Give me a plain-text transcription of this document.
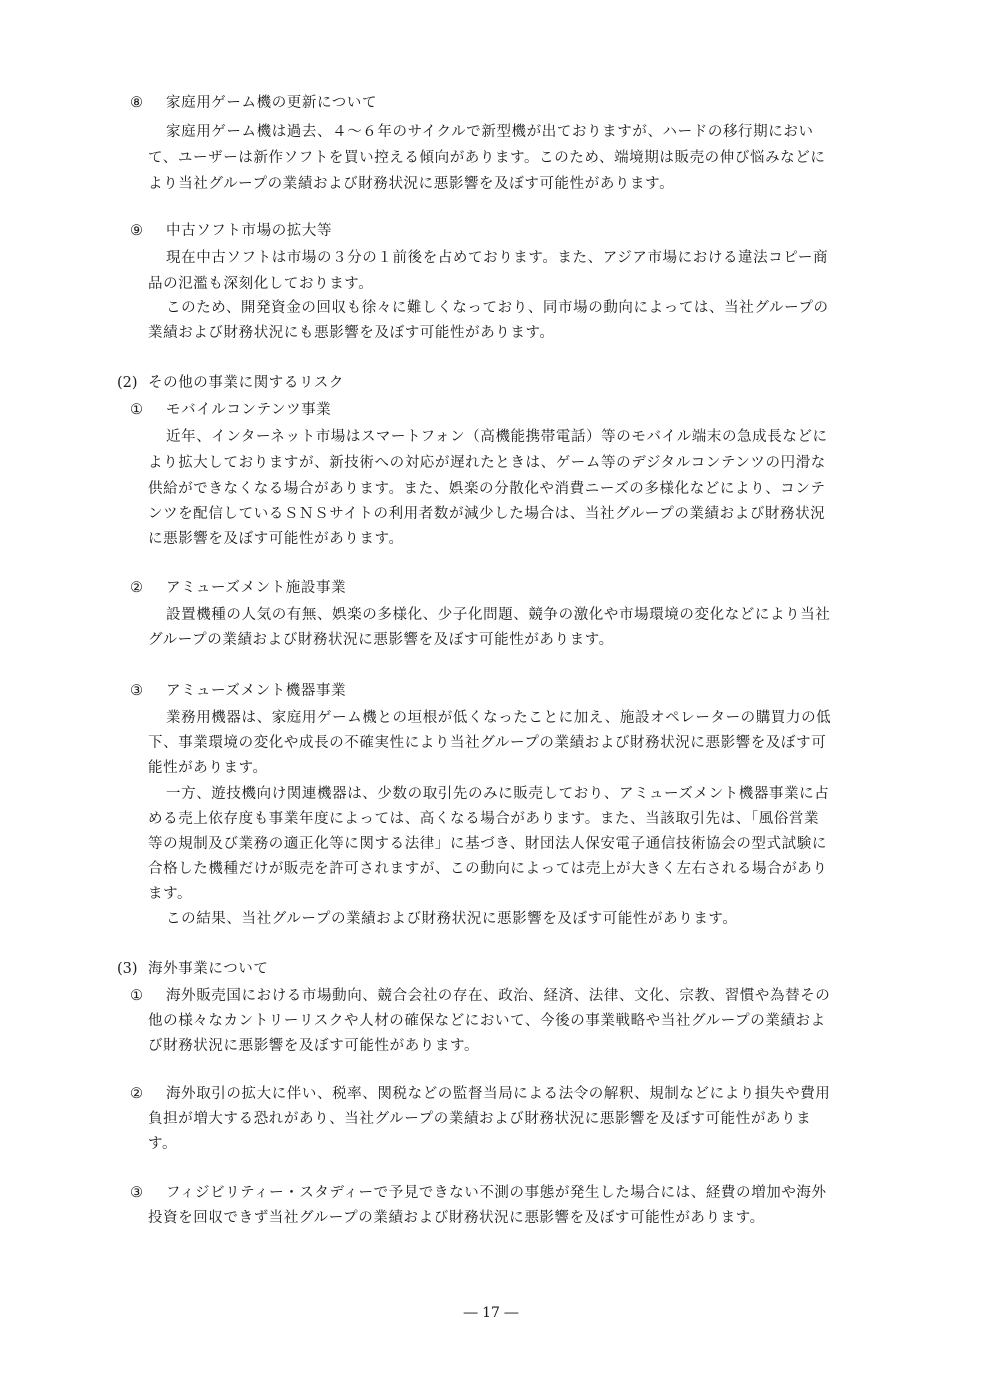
⑧ 家庭用ゲーム機の更新について
家庭用ゲーム機は過去、４～６年のサイクルで新型機が出ておりますが、ハードの移行期におい
て、ユーザーは新作ソフトを買い控える傾向があります。このため、端境期は販売の伸び悩みなどに
より当社グループの業績および財務状況に悪影響を及ぼす可能性があります。
⑨ 中古ソフト市場の拡大等
現在中古ソフトは市場の３分の１前後を占めております。また、アジア市場における違法コピー商
品の氾濫も深刻化しております。
このため、開発資金の回収も徐々に難しくなっており、同市場の動向によっては、当社グループの
業績および財務状況にも悪影響を及ぼす可能性があります。
(2) その他の事業に関するリスク
① モバイルコンテンツ事業
近年、インターネット市場はスマートフォン（高機能携帯電話）等のモバイル端末の急成長などに
より拡大しておりますが、新技術への対応が遅れたときは、ゲーム等のデジタルコンテンツの円滑な
供給ができなくなる場合があります。また、娯楽の分散化や消費ニーズの多様化などにより、コンテ
ンツを配信しているＳＮＳサイトの利用者数が減少した場合は、当社グループの業績および財務状況
に悪影響を及ぼす可能性があります。
② アミューズメント施設事業
設置機種の人気の有無、娯楽の多様化、少子化問題、競争の激化や市場環境の変化などにより当社
グループの業績および財務状況に悪影響を及ぼす可能性があります。
③ アミューズメント機器事業
業務用機器は、家庭用ゲーム機との垣根が低くなったことに加え、施設オペレーターの購買力の低
下、事業環境の変化や成長の不確実性により当社グループの業績および財務状況に悪影響を及ぼす可
能性があります。
一方、遊技機向け関連機器は、少数の取引先のみに販売しており、アミューズメント機器事業に占
める売上依存度も事業年度によっては、高くなる場合があります。また、当該取引先は、「風俗営業
等の規制及び業務の適正化等に関する法律」に基づき、財団法人保安電子通信技術協会の型式試験に
合格した機種だけが販売を許可されますが、この動向によっては売上が大きく左右される場合があり
ます。
この結果、当社グループの業績および財務状況に悪影響を及ぼす可能性があります。
(3) 海外事業について
① 海外販売国における市場動向、競合会社の存在、政治、経済、法律、文化、宗教、習慣や為替その
他の様々なカントリーリスクや人材の確保などにおいて、今後の事業戦略や当社グループの業績およ
び財務状況に悪影響を及ぼす可能性があります。
② 海外取引の拡大に伴い、税率、関税などの監督当局による法令の解釈、規制などにより損失や費用
負担が増大する恐れがあり、当社グループの業績および財務状況に悪影響を及ぼす可能性がありま
す。
③ フィジビリティー・スタディーで予見できない不測の事態が発生した場合には、経費の増加や海外
投資を回収できず当社グループの業績および財務状況に悪影響を及ぼす可能性があります。
― 17 ―
